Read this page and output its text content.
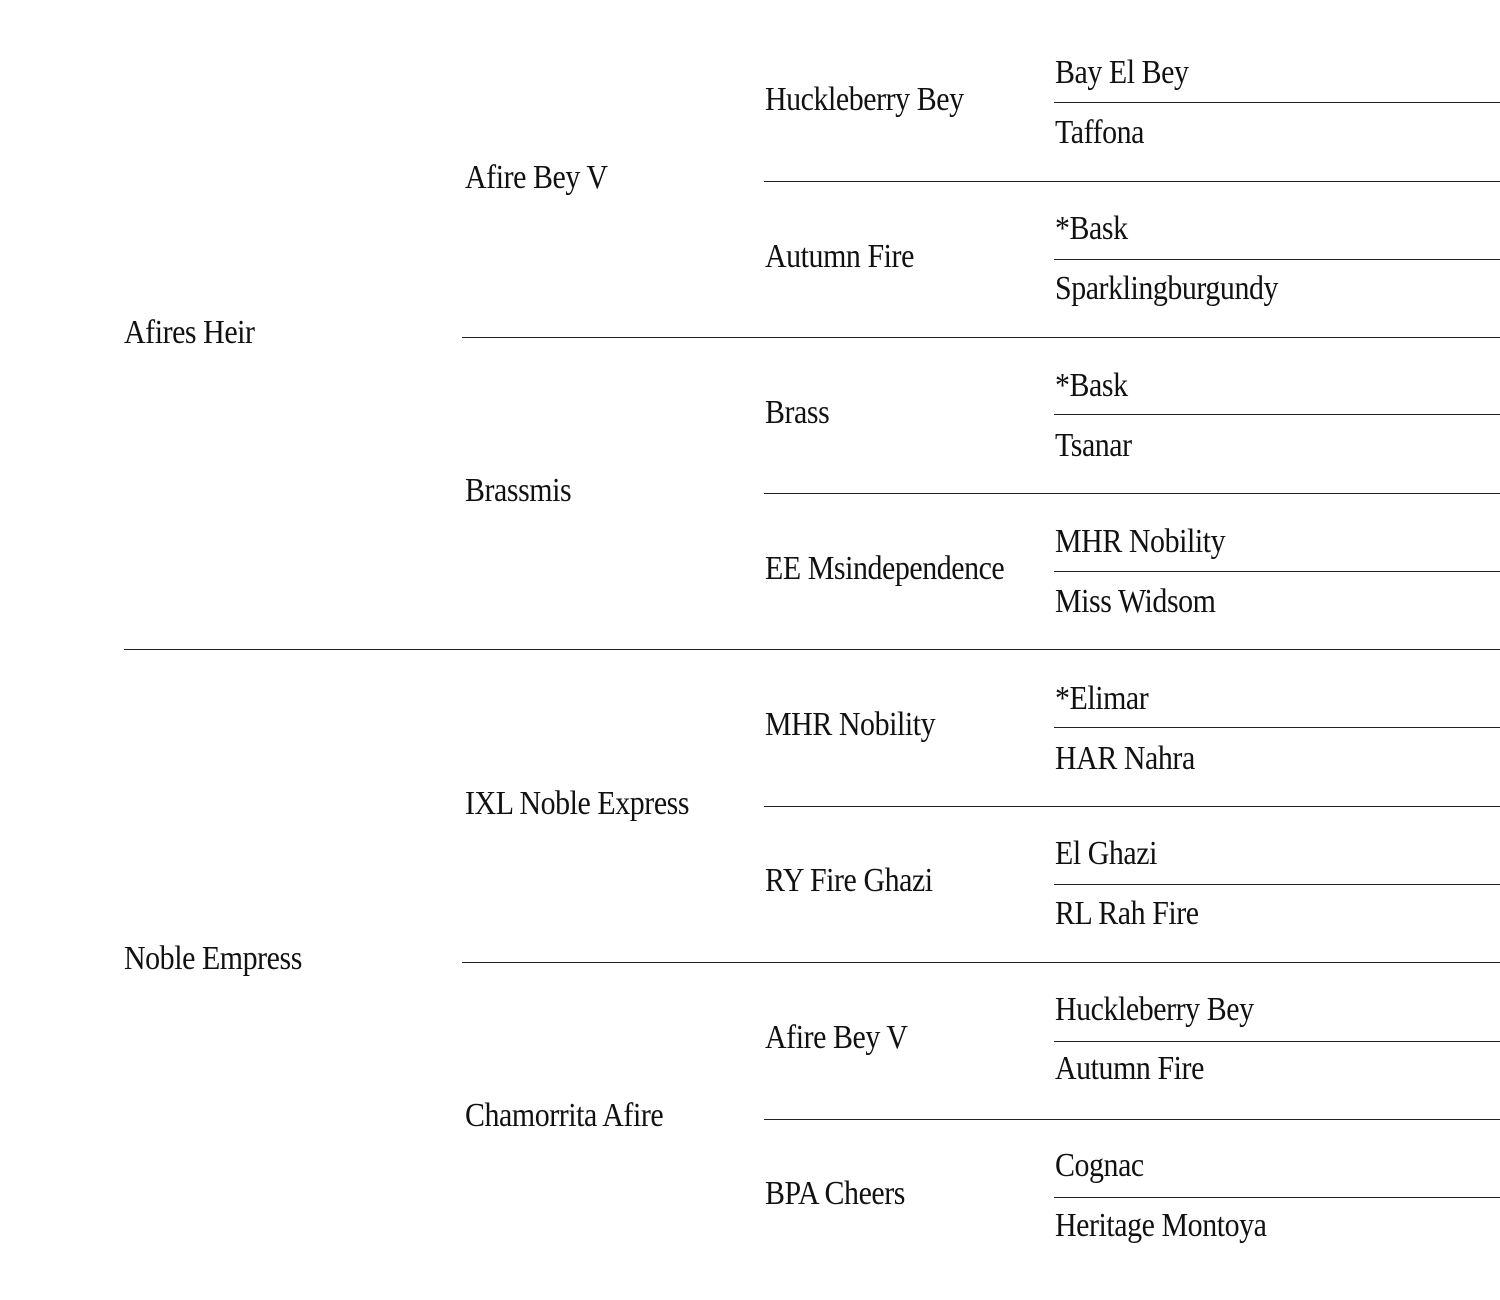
Afires Heir
Noble Empress
Afire Bey V
Brassmis
IXL Noble Express
Chamorrita Afire
Huckleberry Bey
Autumn Fire
Brass
EE Msindependence
MHR Nobility
RY Fire Ghazi
Afire Bey V
BPA Cheers
Bay El Bey
Taffona
*Bask
Sparklingburgundy
*Bask
Tsanar
MHR Nobility
Miss Widsom
*Elimar
HAR Nahra
El Ghazi
RL Rah Fire
Huckleberry Bey
Autumn Fire
Cognac
Heritage Montoya
